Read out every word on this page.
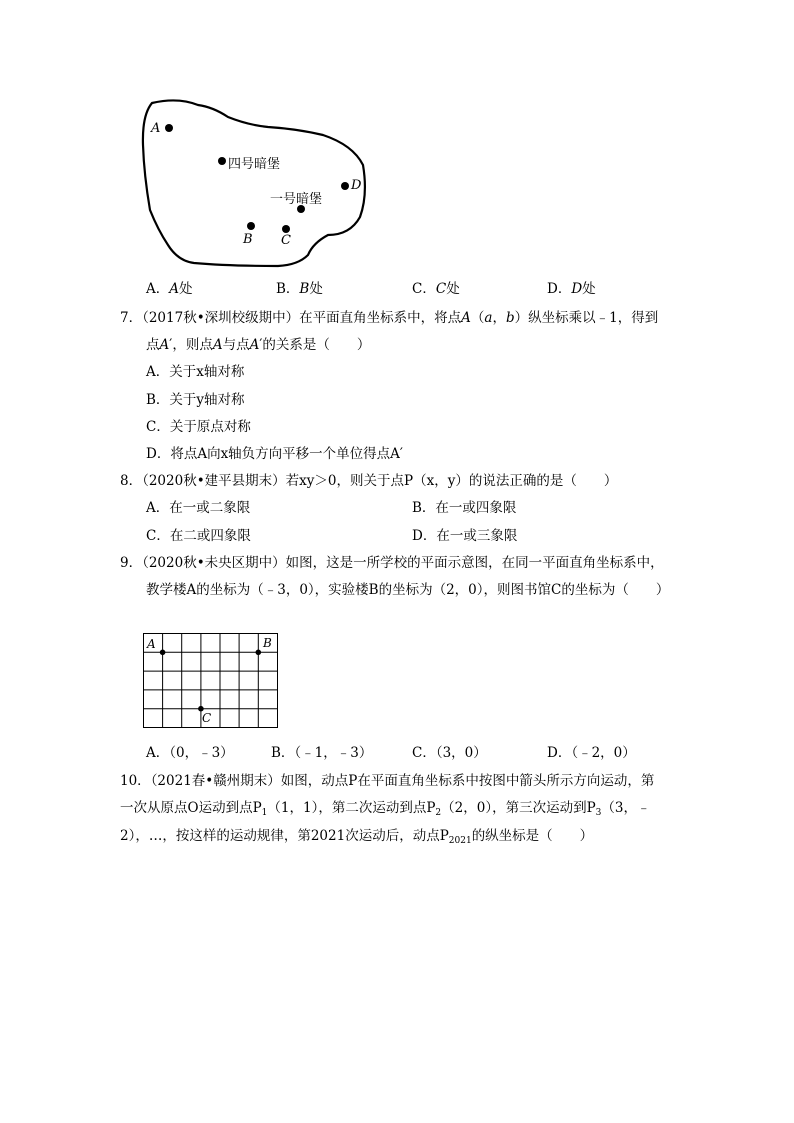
A
四号暗堡
D
一号暗堡
B C
A．A处	B．B处	C．C处	D．D处
7．（2017秋•深圳校级期中）在平面直角坐标系中，将点A（a，b）纵坐标乘以﹣1，得到
点A′，则点A与点A′的关系是（　　）
A．关于x轴对称
B．关于y轴对称
C．关于原点对称
D．将点A向x轴负方向平移一个单位得点A′
8．（2020秋•建平县期末）若xy＞0，则关于点P（x，y）的说法正确的是（　　）
A．在一或二象限	B．在一或四象限
C．在二或四象限	D．在一或三象限
9．（2020秋•未央区期中）如图，这是一所学校的平面示意图，在同一平面直角坐标系中，
教学楼A的坐标为（﹣3，0），实验楼B的坐标为（2，0），则图书馆C的坐标为（　　）
A	B
C
A．（0，﹣3）	B．（﹣1，﹣3）	C．（3，0）	D．（﹣2，0）
10．（2021春•赣州期末）如图，动点P在平面直角坐标系中按图中箭头所示方向运动，第
一次从原点O运动到点$P_1(1$，1），第二次运动到点$P_2(2$，0），第三次运动到$P_3(3$，﹣
2），…，按这样的运动规律，第2021次运动后，动点$P_{2021}$的纵坐标是（　　）
